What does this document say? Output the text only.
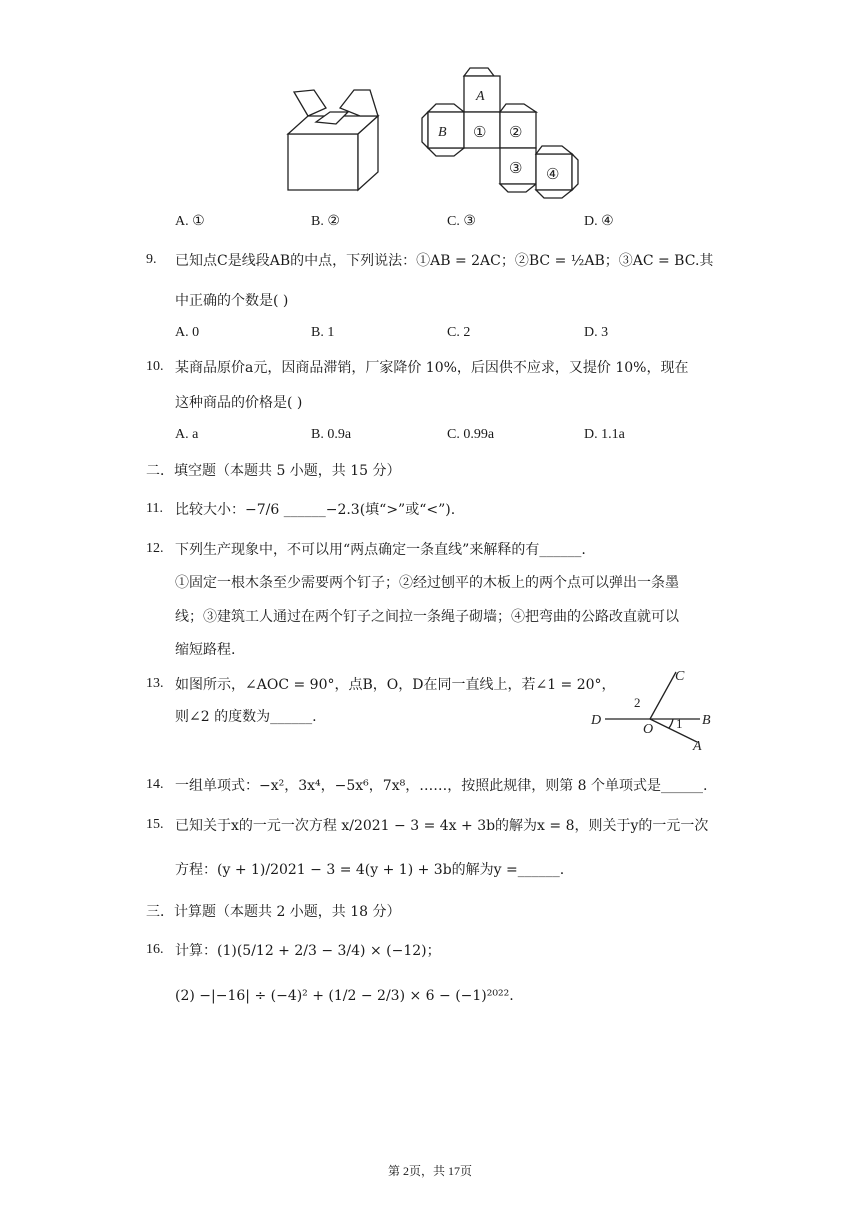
A
B ① ②
③ ④
A. ①	B. ②	C. ③	D. ④
9. 已知点C是线段AB的中点，下列说法：①AB = 2AC；②BC = ½AB；③AC = BC.其
中正确的个数是( )
A. 0	B. 1	C. 2	D. 3
10. 某商品原价a元，因商品滞销，厂家降价 10%，后因供不应求，又提价 10%，现在
这种商品的价格是( )
A. a	B. 0.9a	C. 0.99a	D. 1.1a
二．填空题（本题共 5 小题，共 15 分）
11. 比较大小：−7/6 ______−2.3(填“>”或“<”).
12. 下列生产现象中，不可以用“两点确定一条直线”来解释的有______.
①固定一根木条至少需要两个钉子；②经过刨平的木板上的两个点可以弹出一条墨
线；③建筑工人通过在两个钉子之间拉一条绳子砌墙；④把弯曲的公路改直就可以
缩短路程.
13. 如图所示，∠AOC = 90°，点B，O，D在同一直线上，若∠1 = 20°，
则∠2 的度数为______.
C
D
O
B
A
1
2
14. 一组单项式：−x²，3x⁴，−5x⁶，7x⁸，……，按照此规律，则第 8 个单项式是______.
15. 已知关于x的一元一次方程 x/2021 − 3 = 4x + 3b的解为x = 8，则关于y的一元一次
方程：(y + 1)/2021 − 3 = 4(y + 1) + 3b的解为y =______.
三．计算题（本题共 2 小题，共 18 分）
16. 计算：(1)(5/12 + 2/3 − 3/4) × (−12)；
(2) −|−16| ÷ (−4)² + (1/2 − 2/3) × 6 − (−1)²⁰²².
第 2页，共 17页
